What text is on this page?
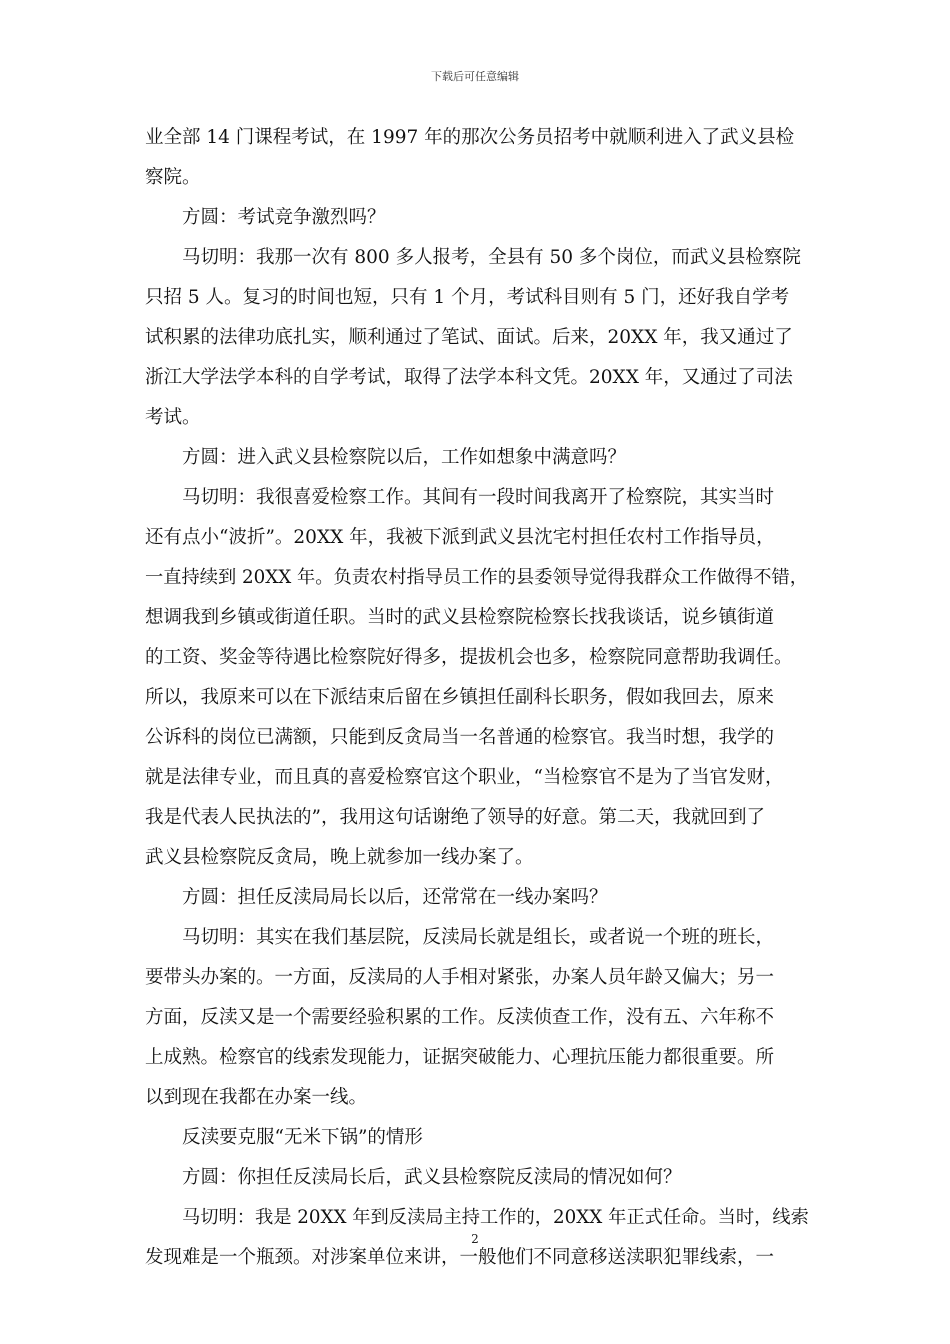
下载后可任意编辑
业全部 14 门课程考试，在 1997 年的那次公务员招考中就顺利进入了武义县检
察院。
方圆：考试竞争激烈吗？
马切明：我那一次有 800 多人报考，全县有 50 多个岗位，而武义县检察院
只招 5 人。复习的时间也短，只有 1 个月，考试科目则有 5 门，还好我自学考
试积累的法律功底扎实，顺利通过了笔试、面试。后来，20XX 年，我又通过了
浙江大学法学本科的自学考试，取得了法学本科文凭。20XX 年，又通过了司法
考试。
方圆：进入武义县检察院以后，工作如想象中满意吗？
马切明：我很喜爱检察工作。其间有一段时间我离开了检察院，其实当时
还有点小“波折”。20XX 年，我被下派到武义县沈宅村担任农村工作指导员，
一直持续到 20XX 年。负责农村指导员工作的县委领导觉得我群众工作做得不错，
想调我到乡镇或街道任职。当时的武义县检察院检察长找我谈话，说乡镇街道
的工资、奖金等待遇比检察院好得多，提拔机会也多，检察院同意帮助我调任。
所以，我原来可以在下派结束后留在乡镇担任副科长职务，假如我回去，原来
公诉科的岗位已满额，只能到反贪局当一名普通的检察官。我当时想，我学的
就是法律专业，而且真的喜爱检察官这个职业，“当检察官不是为了当官发财，
我是代表人民执法的”，我用这句话谢绝了领导的好意。第二天，我就回到了
武义县检察院反贪局，晚上就参加一线办案了。
方圆：担任反渎局局长以后，还常常在一线办案吗？
马切明：其实在我们基层院，反渎局长就是组长，或者说一个班的班长，
要带头办案的。一方面，反渎局的人手相对紧张，办案人员年龄又偏大；另一
方面，反渎又是一个需要经验积累的工作。反渎侦查工作，没有五、六年称不
上成熟。检察官的线索发现能力，证据突破能力、心理抗压能力都很重要。所
以到现在我都在办案一线。
反渎要克服“无米下锅”的情形
方圆：你担任反渎局长后，武义县检察院反渎局的情况如何？
马切明：我是 20XX 年到反渎局主持工作的，20XX 年正式任命。当时，线索
发现难是一个瓶颈。对涉案单位来讲，一般他们不同意移送渎职犯罪线索，一
2
